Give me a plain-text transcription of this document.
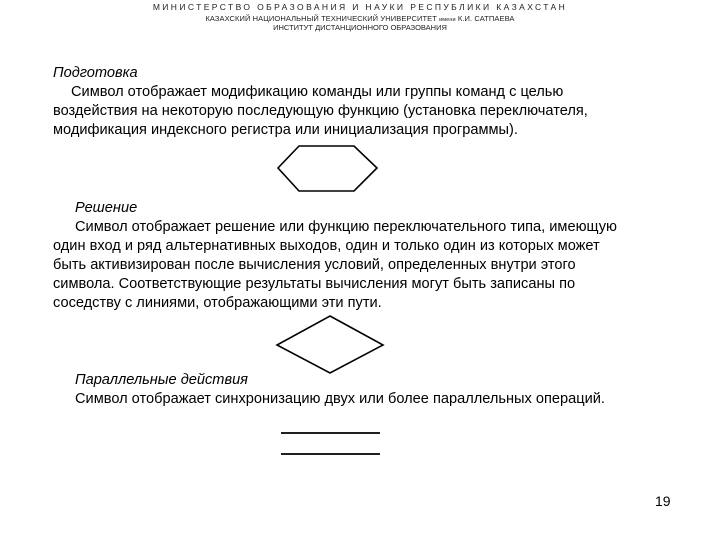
МИНИСТЕРСТВО ОБРАЗОВАНИЯ И НАУКИ РЕСПУБЛИКИ КАЗАХСТАН
КАЗАХСКИЙ НАЦИОНАЛЬНЫЙ ТЕХНИЧЕСКИЙ УНИВЕРСИТЕТ имени К.И. САТПАЕВА
ИНСТИТУТ ДИСТАНЦИОННОГО ОБРАЗОВАНИЯ
Подготовка
Символ отображает модификацию команды или группы команд с целью
воздействия на некоторую последующую функцию (установка переключателя,
модификация индексного регистра или инициализация программы).
Решение
Символ отображает решение или функцию переключательного типа, имеющую
один вход и ряд альтернативных выходов, один и только один из которых может
быть активизирован после вычисления условий, определенных внутри этого
символа. Соответствующие результаты вычисления могут быть записаны по
соседству с линиями, отображающими эти пути.
Параллельные действия
Символ отображает синхронизацию двух или более параллельных операций.
19
